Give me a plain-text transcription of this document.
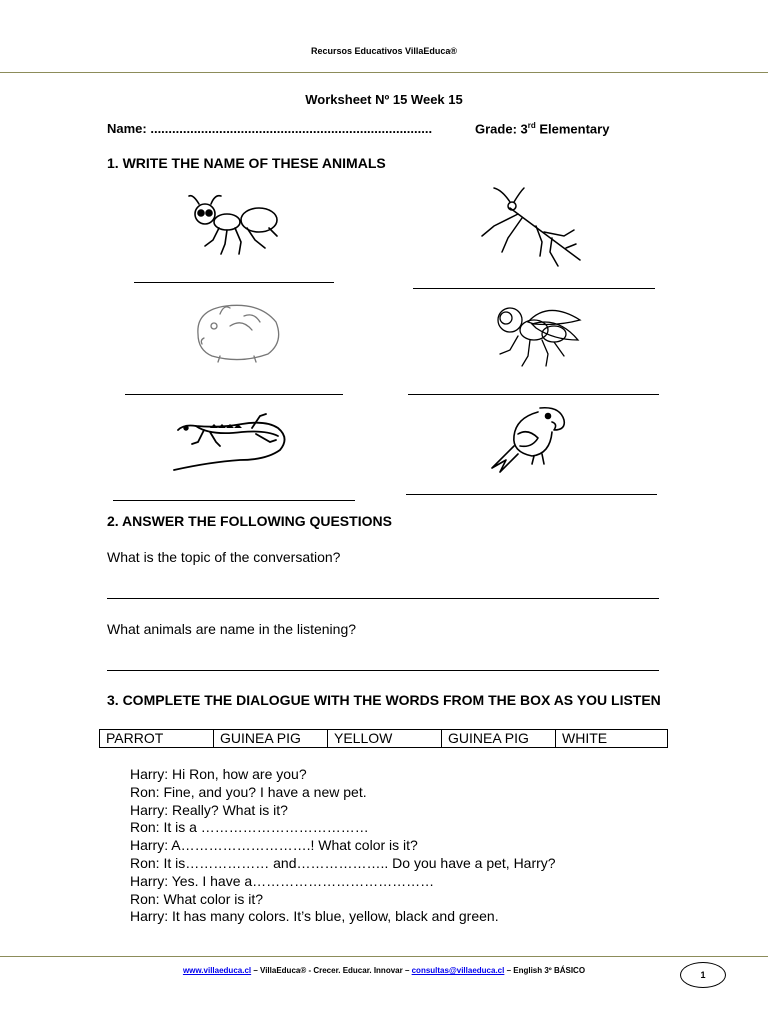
Recursos Educativos VillaEduca®
Worksheet Nº 15 Week 15
Name: ..............................................................................	Grade: 3rd Elementary
1. WRITE THE NAME OF THESE ANIMALS
2. ANSWER THE FOLLOWING QUESTIONS
What is the topic of the conversation?
What animals are name in the listening?
3. COMPLETE THE DIALOGUE WITH THE WORDS FROM THE BOX AS YOU LISTEN
PARROT	GUINEA PIG	YELLOW	GUINEA PIG	WHITE
Harry: Hi Ron, how are you?
Ron: Fine, and you? I have a new pet.
Harry: Really? What is it?
Ron: It is a ………………………………
Harry: A……………………….! What color is it?
Ron: It is……………… and……………….. Do you have a pet, Harry?
Harry: Yes. I have a…………………………………
Ron: What color is it?
Harry: It has many colors. It’s blue, yellow, black and green.
www.villaeduca.cl – VillaEduca® - Crecer. Educar. Innovar – consultas@villaeduca.cl – English 3º BÁSICO	1
